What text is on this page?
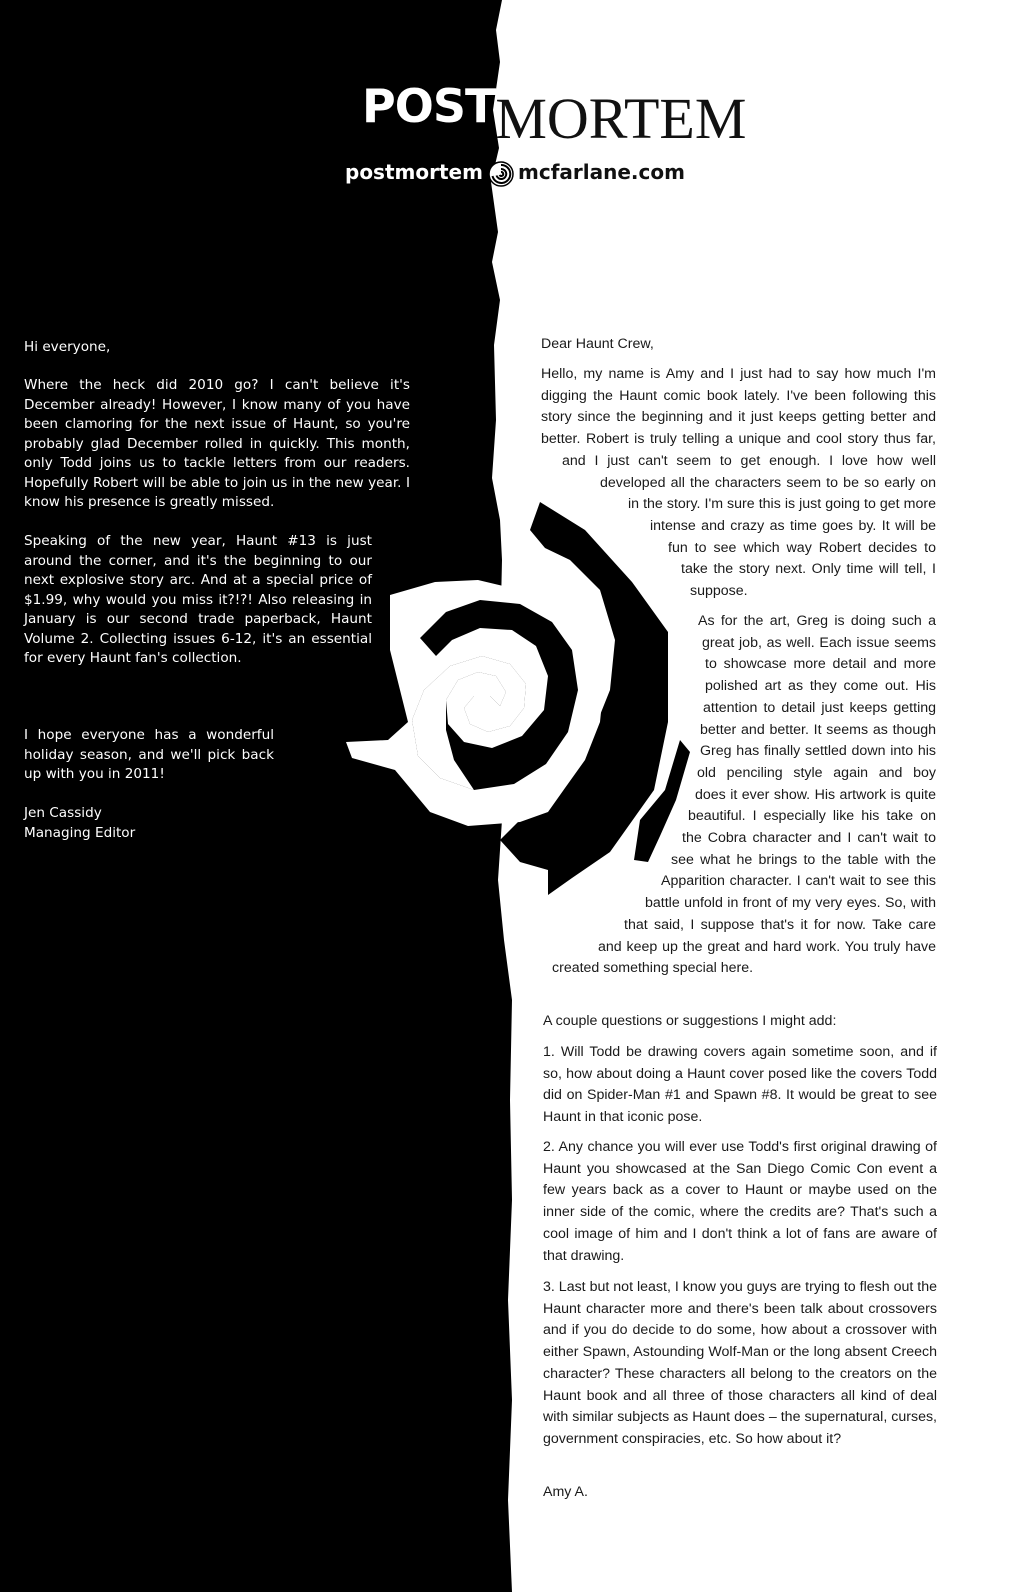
POSTMORTEM
postmortem mcfarlane.com

Hi everyone,

Where the heck did 2010 go? I can't believe it's December already! However, I know many of you have been clamoring for the next issue of Haunt, so you're probably glad December rolled in quickly. This month, only Todd joins us to tackle letters from our readers. Hopefully Robert will be able to join us in the new year. I know his presence is greatly missed.

Speaking of the new year, Haunt #13 is just around the corner, and it's the beginning to our next explosive story arc. And at a special price of $1.99, why would you miss it?!?! Also releasing in January is our second trade paperback, Haunt Volume 2. Collecting issues 6-12, it's an essential for every Haunt fan's collection.

I hope everyone has a wonderful holiday season, and we'll pick back up with you in 2011!

Jen Cassidy

Managing Editor

Dear Haunt Crew,

Hello, my name is Amy and I just had to say how much I'm
digging the Haunt comic book lately. I've been following this
story since the beginning and it just keeps getting better and
better. Robert is truly telling a unique and cool story thus far,
and I just can't seem to get enough. I love how well
developed all the characters seem to be so early on
in the story. I'm sure this is just going to get more
intense and crazy as time goes by. It will be
fun to see which way Robert decides to
take the story next. Only time will tell, I
suppose.
As for the art, Greg is doing such a
great job, as well. Each issue seems
to showcase more detail and more
polished art as they come out. His
attention to detail just keeps getting
better and better. It seems as though
Greg has finally settled down into his
old penciling style again and boy
does it ever show. His artwork is quite
beautiful. I especially like his take on
the Cobra character and I can't wait to
see what he brings to the table with the
Apparition character. I can't wait to see this
battle unfold in front of my very eyes. So, with
that said, I suppose that's it for now. Take care
and keep up the great and hard work. You truly have
created something special here.

A couple questions or suggestions I might add:

1. Will Todd be drawing covers again sometime soon, and if so, how about doing a Haunt cover posed like the covers Todd did on Spider-Man #1 and Spawn #8. It would be great to see Haunt in that iconic pose.

2. Any chance you will ever use Todd's first original drawing of Haunt you showcased at the San Diego Comic Con event a few years back as a cover to Haunt or maybe used on the inner side of the comic, where the credits are? That's such a cool image of him and I don't think a lot of fans are aware of that drawing.

3. Last but not least, I know you guys are trying to flesh out the Haunt character more and there's been talk about crossovers and if you do decide to do some, how about a crossover with either Spawn, Astounding Wolf-Man or the long absent Creech character? These characters all belong to the creators on the Haunt book and all three of those characters all kind of deal with similar subjects as Haunt does – the supernatural, curses, government conspiracies, etc. So how about it?

Amy A.
